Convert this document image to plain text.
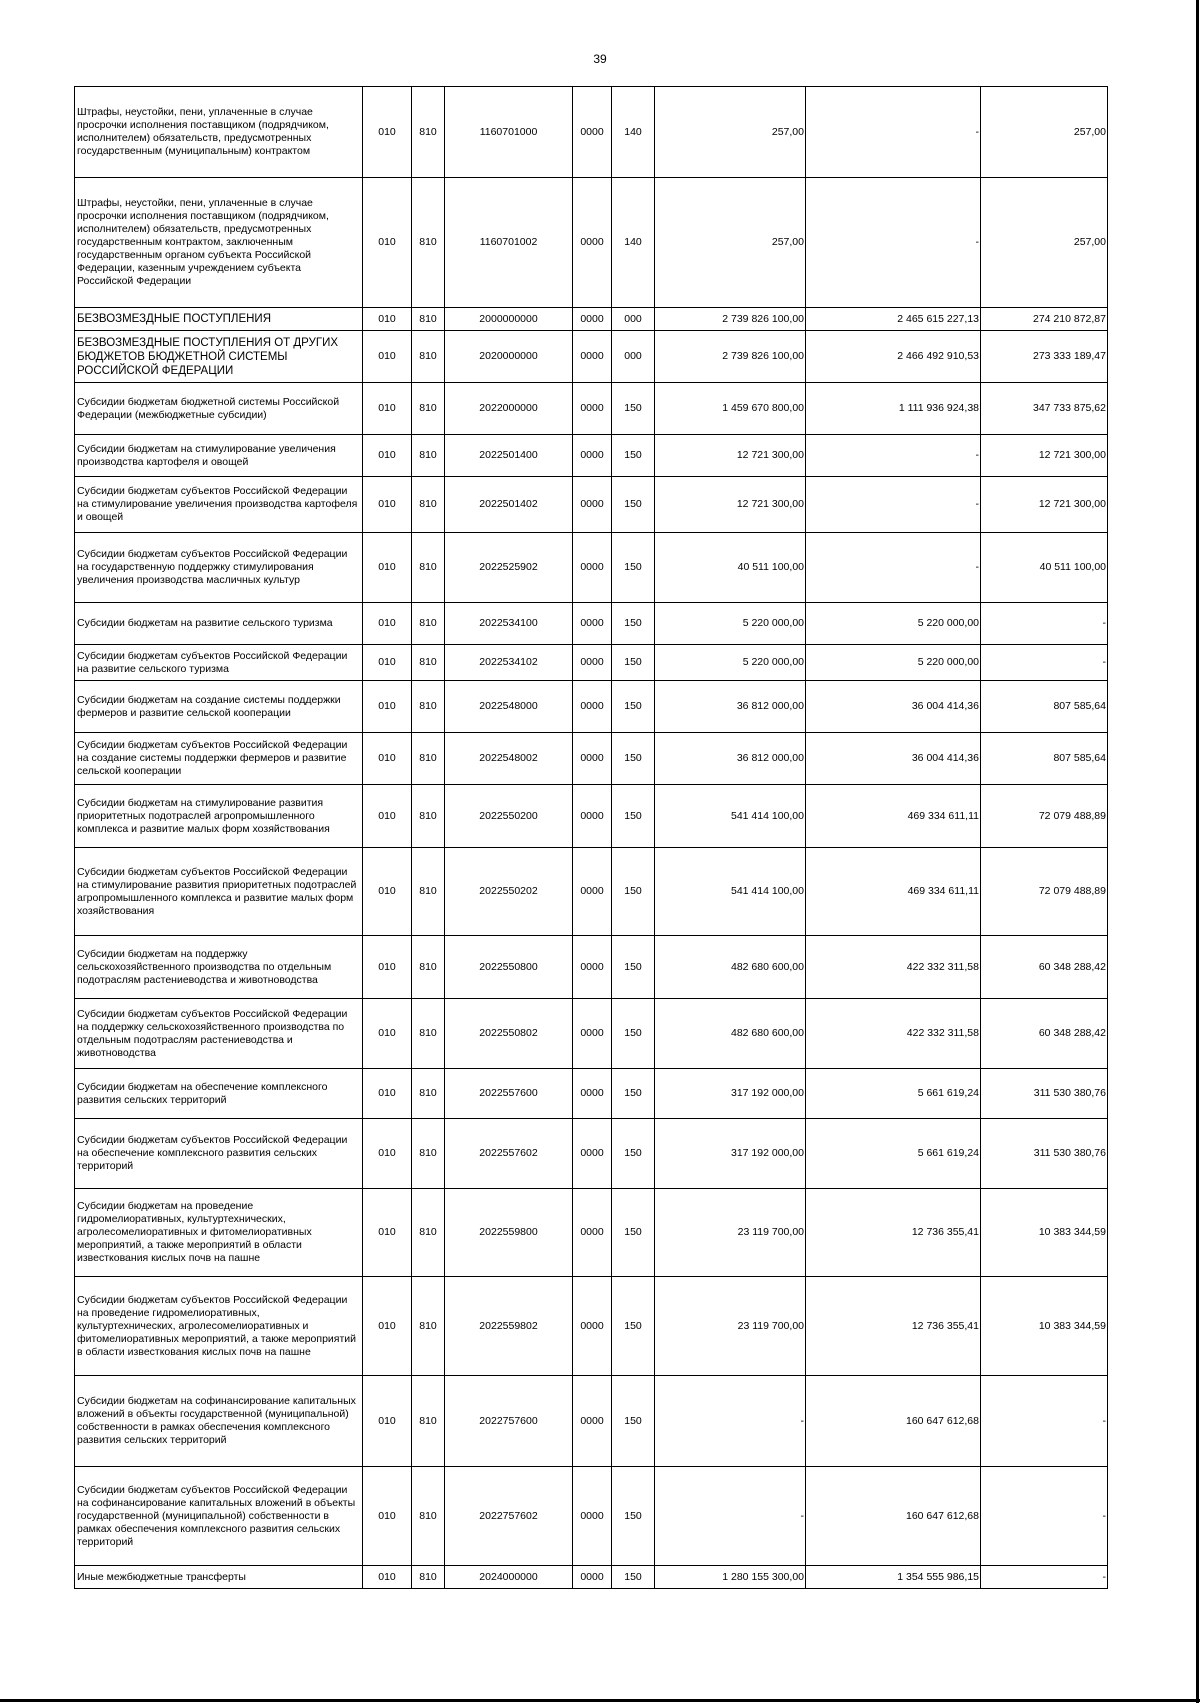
39
Штрафы, неустойки, пени, уплаченные в случае просрочки исполнения поставщиком (подрядчиком, исполнителем) обязательств, предусмотренных государственным (муниципальным) контрактом	010	810	1160701000	0000	140	257,00	-	257,00
Штрафы, неустойки, пени, уплаченные в случае просрочки исполнения поставщиком (подрядчиком, исполнителем) обязательств, предусмотренных государственным контрактом, заключенным государственным органом субъекта Российской Федерации, казенным учреждением субъекта Российской Федерации	010	810	1160701002	0000	140	257,00	-	257,00
БЕЗВОЗМЕЗДНЫЕ ПОСТУПЛЕНИЯ	010	810	2000000000	0000	000	2 739 826 100,00	2 465 615 227,13	274 210 872,87
БЕЗВОЗМЕЗДНЫЕ ПОСТУПЛЕНИЯ ОТ ДРУГИХ БЮДЖЕТОВ БЮДЖЕТНОЙ СИСТЕМЫ РОССИЙСКОЙ ФЕДЕРАЦИИ	010	810	2020000000	0000	000	2 739 826 100,00	2 466 492 910,53	273 333 189,47
Субсидии бюджетам бюджетной системы Российской Федерации (межбюджетные субсидии)	010	810	2022000000	0000	150	1 459 670 800,00	1 111 936 924,38	347 733 875,62
Субсидии бюджетам на стимулирование увеличения производства картофеля и овощей	010	810	2022501400	0000	150	12 721 300,00	-	12 721 300,00
Субсидии бюджетам субъектов Российской Федерации на стимулирование увеличения производства картофеля и овощей	010	810	2022501402	0000	150	12 721 300,00	-	12 721 300,00
Субсидии бюджетам субъектов Российской Федерации на государственную поддержку стимулирования увеличения производства масличных культур	010	810	2022525902	0000	150	40 511 100,00	-	40 511 100,00
Субсидии бюджетам на развитие сельского туризма	010	810	2022534100	0000	150	5 220 000,00	5 220 000,00	-
Субсидии бюджетам субъектов Российской Федерации на развитие сельского туризма	010	810	2022534102	0000	150	5 220 000,00	5 220 000,00	-
Субсидии бюджетам на создание системы поддержки фермеров и развитие сельской кооперации	010	810	2022548000	0000	150	36 812 000,00	36 004 414,36	807 585,64
Субсидии бюджетам субъектов Российской Федерации на создание системы поддержки фермеров и развитие сельской кооперации	010	810	2022548002	0000	150	36 812 000,00	36 004 414,36	807 585,64
Субсидии бюджетам на стимулирование развития приоритетных подотраслей агропромышленного комплекса и развитие малых форм хозяйствования	010	810	2022550200	0000	150	541 414 100,00	469 334 611,11	72 079 488,89
Субсидии бюджетам субъектов Российской Федерации на стимулирование развития приоритетных подотраслей агропромышленного комплекса и развитие малых форм хозяйствования	010	810	2022550202	0000	150	541 414 100,00	469 334 611,11	72 079 488,89
Субсидии бюджетам на поддержку сельскохозяйственного производства по отдельным подотраслям растениеводства и животноводства	010	810	2022550800	0000	150	482 680 600,00	422 332 311,58	60 348 288,42
Субсидии бюджетам субъектов Российской Федерации на поддержку сельскохозяйственного производства по отдельным подотраслям растениеводства и животноводства	010	810	2022550802	0000	150	482 680 600,00	422 332 311,58	60 348 288,42
Субсидии бюджетам на обеспечение комплексного развития сельских территорий	010	810	2022557600	0000	150	317 192 000,00	5 661 619,24	311 530 380,76
Субсидии бюджетам субъектов Российской Федерации на обеспечение комплексного развития сельских территорий	010	810	2022557602	0000	150	317 192 000,00	5 661 619,24	311 530 380,76
Субсидии бюджетам на проведение гидромелиоративных, культуртехнических, агролесомелиоративных и фитомелиоративных мероприятий, а также мероприятий в области известкования кислых почв на пашне	010	810	2022559800	0000	150	23 119 700,00	12 736 355,41	10 383 344,59
Субсидии бюджетам субъектов Российской Федерации на проведение гидромелиоративных, культуртехнических, агролесомелиоративных и фитомелиоративных мероприятий, а также мероприятий в области известкования кислых почв на пашне	010	810	2022559802	0000	150	23 119 700,00	12 736 355,41	10 383 344,59
Субсидии бюджетам на софинансирование капитальных вложений в объекты государственной (муниципальной) собственности в рамках обеспечения комплексного развития сельских территорий	010	810	2022757600	0000	150	-	160 647 612,68	-
Субсидии бюджетам субъектов Российской Федерации на софинансирование капитальных вложений в объекты государственной (муниципальной) собственности в рамках обеспечения комплексного развития сельских территорий	010	810	2022757602	0000	150	-	160 647 612,68	-
Иные межбюджетные трансферты	010	810	2024000000	0000	150	1 280 155 300,00	1 354 555 986,15	-
